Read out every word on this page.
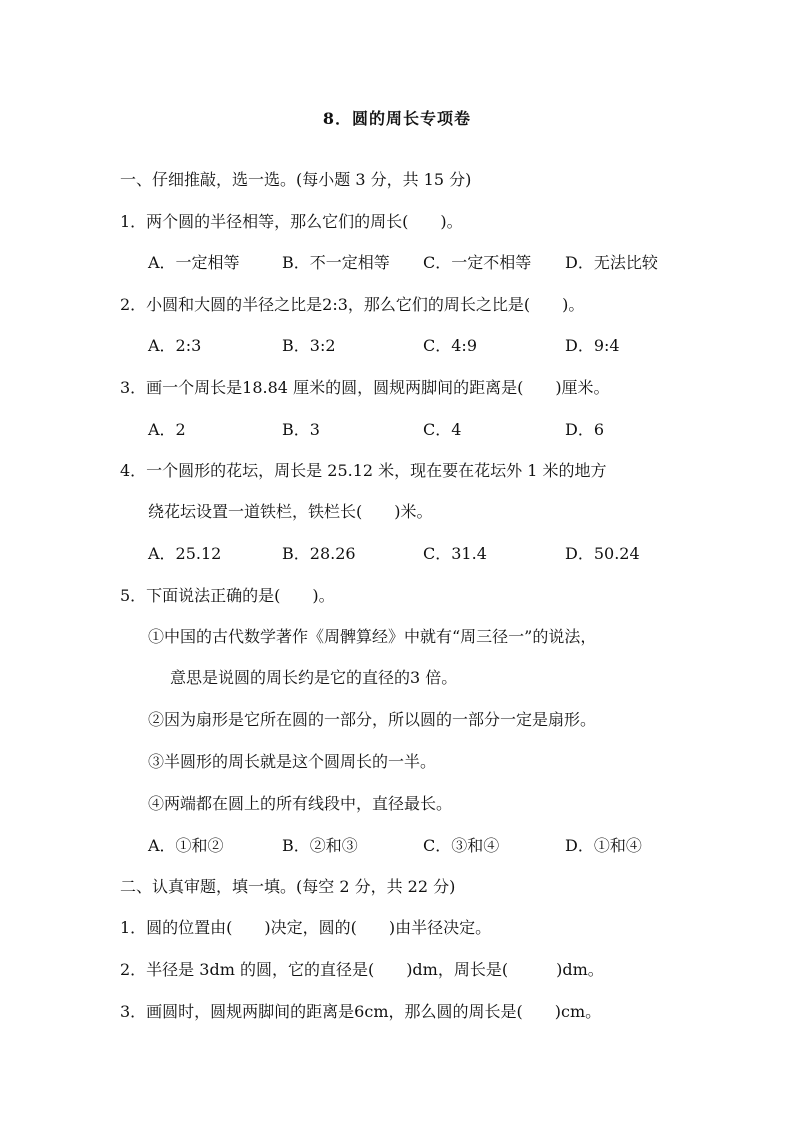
8．圆的周长专项卷
一、仔细推敲，选一选。(每小题 3 分，共 15 分)
1．两个圆的半径相等，那么它们的周长(　　)。
A．一定相等	B．不一定相等 C．一定不相等 D．无法比较
2．小圆和大圆的半径之比是2:3，那么它们的周长之比是(　　)。
A．2:3	B．3:2	C．4:9	D．9:4
3．画一个周长是18.84 厘米的圆，圆规两脚间的距离是(　　)厘米。
A．2	B．3	C．4	D．6
4．一个圆形的花坛，周长是 25.12 米，现在要在花坛外 1 米的地方
绕花坛设置一道铁栏，铁栏长(　　)米。
A．25.12	B．28.26	C．31.4	D．50.24
5．下面说法正确的是(　　)。
①中国的古代数学著作《周髀算经》中就有“周三径一”的说法，
意思是说圆的周长约是它的直径的3 倍。
②因为扇形是它所在圆的一部分，所以圆的一部分一定是扇形。
③半圆形的周长就是这个圆周长的一半。
④两端都在圆上的所有线段中，直径最长。
A．①和②	B．②和③	C．③和④	D．①和④
二、认真审题，填一填。(每空 2 分，共 22 分)
1．圆的位置由(　　)决定，圆的(　　)由半径决定。
2．半径是 3dm 的圆，它的直径是(　　)dm，周长是(　　　)dm。
3．画圆时，圆规两脚间的距离是6cm，那么圆的周长是(　　)cm。
